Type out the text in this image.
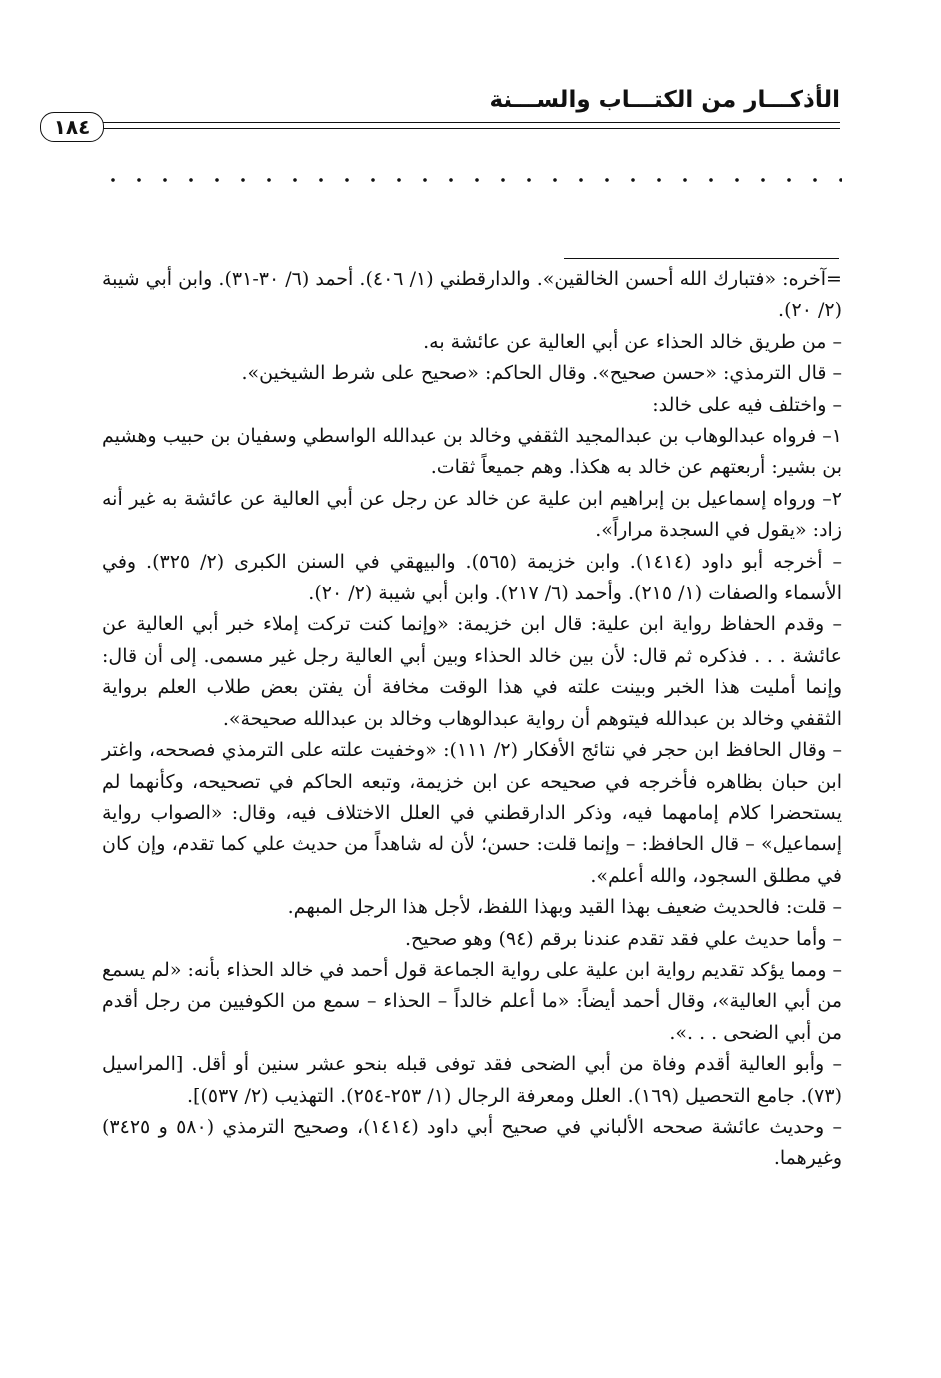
الأذكـــار من الكتـــاب والســـنة
١٨٤

=آخره: «فتبارك الله أحسن الخالقين». والدارقطني (١/ ٤٠٦). أحمد (٦/ ٣٠-٣١). وابن أبي شيبة (٢/ ٢٠).

– من طريق خالد الحذاء عن أبي العالية عن عائشة به.

– قال الترمذي: «حسن صحيح». وقال الحاكم: «صحيح على شرط الشيخين».

– واختلف فيه على خالد:

١– فرواه عبدالوهاب بن عبدالمجيد الثقفي وخالد بن عبدالله الواسطي وسفيان بن حبيب وهشيم بن بشير: أربعتهم عن خالد به هكذا. وهم جميعاً ثقات.

٢– ورواه إسماعيل بن إبراهيم ابن علية عن خالد عن رجل عن أبي العالية عن عائشة به غير أنه زاد: «يقول في السجدة مراراً».

– أخرجه أبو داود (١٤١٤). وابن خزيمة (٥٦٥). والبيهقي في السنن الكبرى (٢/ ٣٢٥). وفي الأسماء والصفات (١/ ٢١٥). وأحمد (٦/ ٢١٧). وابن أبي شيبة (٢/ ٢٠).

– وقدم الحفاظ رواية ابن علية: قال ابن خزيمة: «وإنما كنت تركت إملاء خبر أبي العالية عن عائشة . . . فذكره ثم قال: لأن بين خالد الحذاء وبين أبي العالية رجل غير مسمى. إلى أن قال: وإنما أمليت هذا الخبر وبينت علته في هذا الوقت مخافة أن يفتن بعض طلاب العلم برواية الثقفي وخالد بن عبدالله فيتوهم أن رواية عبدالوهاب وخالد بن عبدالله صحيحة».

– وقال الحافظ ابن حجر في نتائج الأفكار (٢/ ١١١): «وخفيت علته على الترمذي فصححه، واغتر ابن حبان بظاهره فأخرجه في صحيحه عن ابن خزيمة، وتبعه الحاكم في تصحيحه، وكأنهما لم يستحضرا كلام إمامهما فيه، وذكر الدارقطني في العلل الاختلاف فيه، وقال: «الصواب رواية إسماعيل» – قال الحافظ: – وإنما قلت: حسن؛ لأن له شاهداً من حديث علي كما تقدم، وإن كان في مطلق السجود، والله أعلم».

– قلت: فالحديث ضعيف بهذا القيد وبهذا اللفظ، لأجل هذا الرجل المبهم.

– وأما حديث علي فقد تقدم عندنا برقم (٩٤) وهو صحيح.

– ومما يؤكد تقديم رواية ابن علية على رواية الجماعة قول أحمد في خالد الحذاء بأنه: «لم يسمع من أبي العالية»، وقال أحمد أيضاً: «ما أعلم خالداً – الحذاء – سمع من الكوفيين من رجل أقدم من أبي الضحى . . .».

– وأبو العالية أقدم وفاة من أبي الضحى فقد توفى قبله بنحو عشر سنين أو أقل. [المراسيل (٧٣). جامع التحصيل (١٦٩). العلل ومعرفة الرجال (١/ ٢٥٣-٢٥٤). التهذيب (٢/ ٥٣٧)].

– وحديث عائشة صححه الألباني في صحيح أبي داود (١٤١٤)، وصحيح الترمذي (٥٨٠ و ٣٤٢٥) وغيرهما.
